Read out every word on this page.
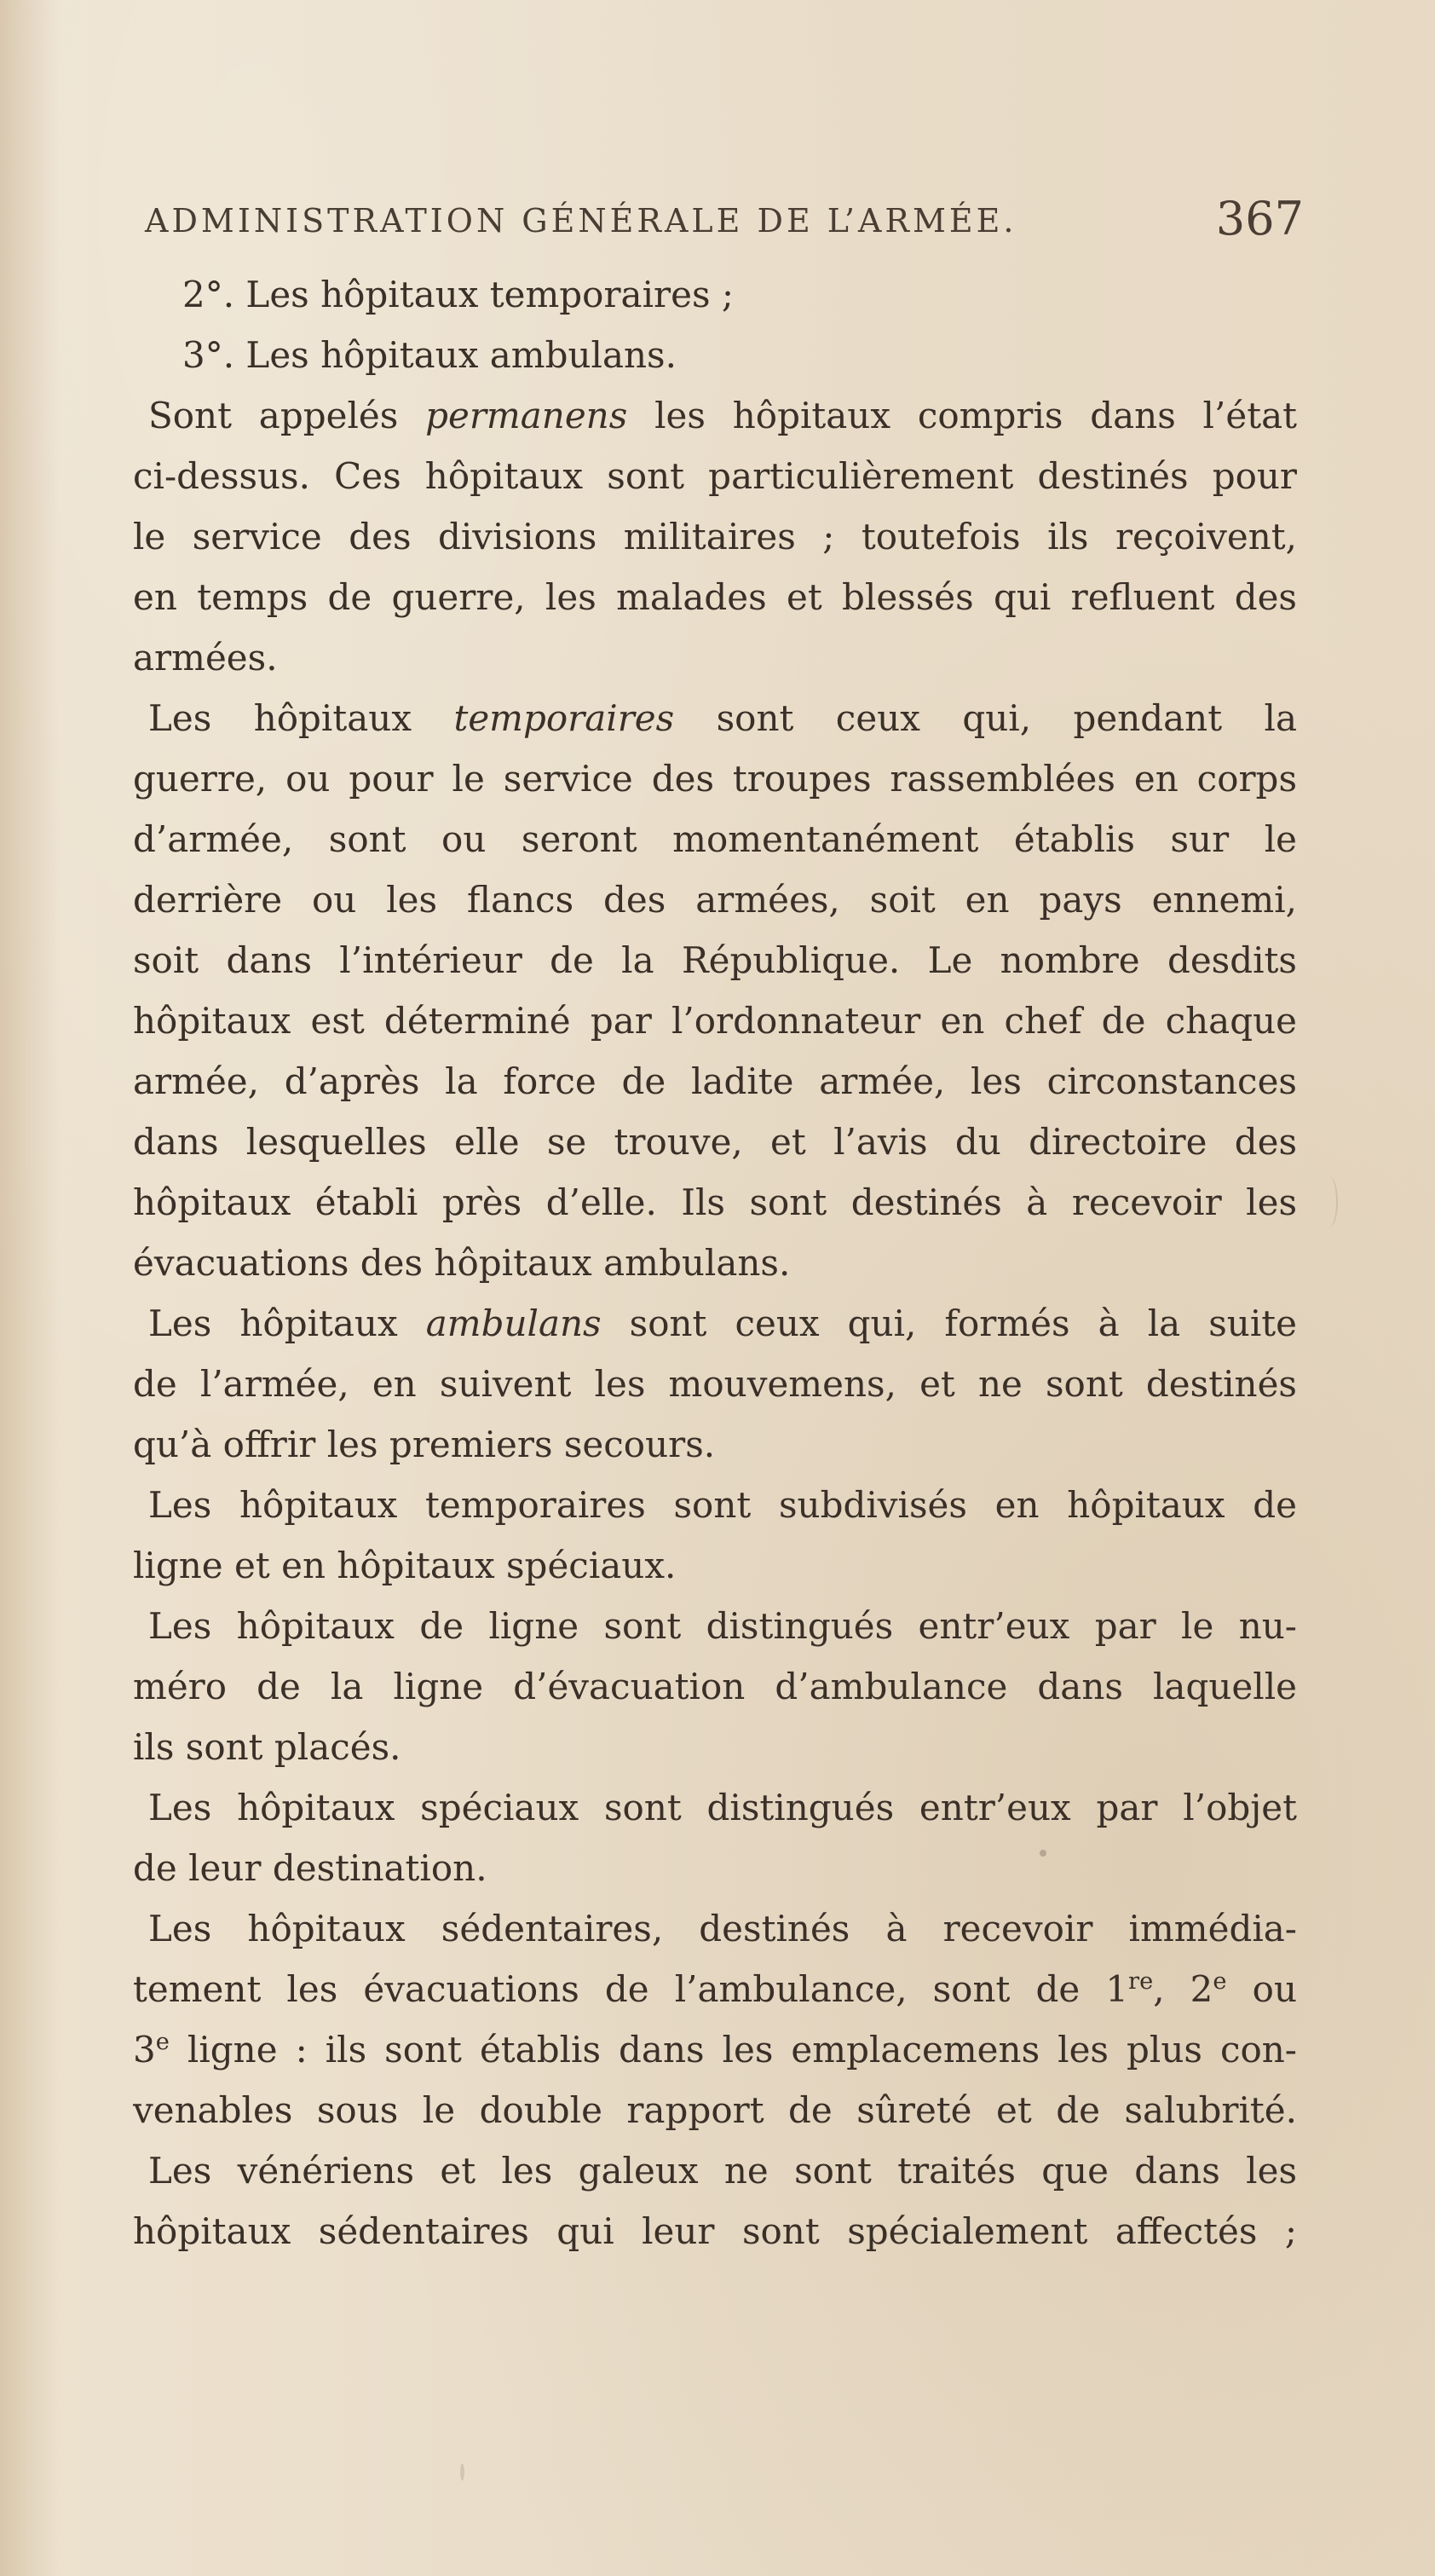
ADMINISTRATION GÉNÉRALE DE L’ARMÉE.	367
2°. Les hôpitaux temporaires ;
3°. Les hôpitaux ambulans.
Sont appelés permanens les hôpitaux compris dans l’état
ci-dessus. Ces hôpitaux sont particulièrement destinés pour
le service des divisions militaires ; toutefois ils reçoivent,
en temps de guerre, les malades et blessés qui refluent des
armées.
Les hôpitaux temporaires sont ceux qui, pendant la
guerre, ou pour le service des troupes rassemblées en corps
d’armée, sont ou seront momentanément établis sur le
derrière ou les flancs des armées, soit en pays ennemi,
soit dans l’intérieur de la République. Le nombre desdits
hôpitaux est déterminé par l’ordonnateur en chef de chaque
armée, d’après la force de ladite armée, les circonstances
dans lesquelles elle se trouve, et l’avis du directoire des
hôpitaux établi près d’elle. Ils sont destinés à recevoir les
évacuations des hôpitaux ambulans.
Les hôpitaux ambulans sont ceux qui, formés à la suite
de l’armée, en suivent les mouvemens, et ne sont destinés
qu’à offrir les premiers secours.
Les hôpitaux temporaires sont subdivisés en hôpitaux de
ligne et en hôpitaux spéciaux.
Les hôpitaux de ligne sont distingués entr’eux par le nu-
méro de la ligne d’évacuation d’ambulance dans laquelle
ils sont placés.
Les hôpitaux spéciaux sont distingués entr’eux par l’objet
de leur destination.
Les hôpitaux sédentaires, destinés à recevoir immédia-
tement les évacuations de l’ambulance, sont de 1re, 2e ou
3e ligne : ils sont établis dans les emplacemens les plus con-
venables sous le double rapport de sûreté et de salubrité.
Les vénériens et les galeux ne sont traités que dans les
hôpitaux sédentaires qui leur sont spécialement affectés ;
